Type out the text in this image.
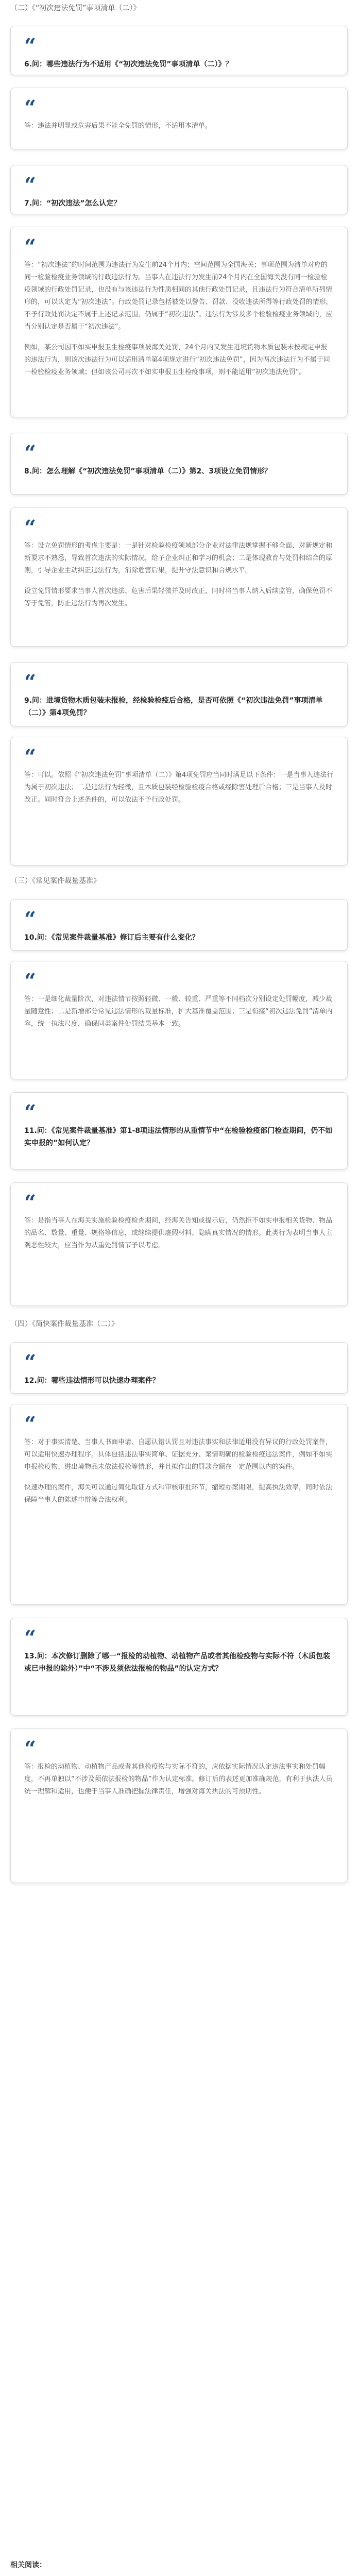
（二）《“初次违法免罚”事项清单（二）》
“

6.问：哪些违法行为不适用《“初次违法免罚”事项清单（二）》？

“

答：违法并明显或危害后果不能全免罚的情形，不适用本清单。

“

7.问：“初次违法”怎么认定？

“

答：“初次违法”的时间范围为违法行为发生前24个月内；空间范围为全国海关；事项范围为清单对应的同一检验检疫业务领域的行政违法行为。当事人在违法行为发生前24个月内在全国海关没有同一检验检疫领域的行政处罚记录，也没有与该违法行为性质相同的其他行政处罚记录，且违法行为符合清单所列情形的，可以认定为“初次违法”。行政处罚记录包括被处以警告、罚款、没收违法所得等行政处罚的情形，不予行政处罚决定不属于上述记录范围，仍属于“初次违法”。违法行为涉及多个检验检疫业务领域的，应当分别认定是否属于“初次违法”。

例如，某公司因不如实申报卫生检疫事项被海关处罚，24个月内又发生进境货物木质包装未按规定申报的违法行为，则该次违法行为可以适用清单第4项规定进行“初次违法免罚”，因为两次违法行为不属于同一检验检疫业务领域；但如该公司再次不如实申报卫生检疫事项，则不能适用“初次违法免罚”。

“

8.问：怎么理解《“初次违法免罚”事项清单（二）》第2、3项设立免罚情形？

“

答：设立免罚情形的考虑主要是：一是针对检验检疫领域部分企业对法律法规掌握不够全面、对新规定和新要求不熟悉，导致首次违法的实际情况，给予企业纠正和学习的机会；二是体现教育与处罚相结合的原则，引导企业主动纠正违法行为，消除危害后果，提升守法意识和合规水平。

设立免罚情形要求当事人首次违法、危害后果轻微并及时改正，同时将当事人纳入后续监管，确保免罚不等于免管，防止违法行为再次发生。

“

9.问：进境货物木质包装未报检，经检验检疫后合格，是否可依照《“初次违法免罚”事项清单（二）》第4项免罚？

“

答：可以。依照《“初次违法免罚”事项清单（二）》第4项免罚应当同时满足以下条件：一是当事人违法行为属于初次违法；二是违法行为轻微，且木质包装经检验检疫合格或经除害处理后合格；三是当事人及时改正。同时符合上述条件的，可以依法不予行政处罚。

（三）《常见案件裁量基准》
“

10.问：《常见案件裁量基准》修订后主要有什么变化？

“

答：一是细化裁量阶次，对违法情节按照轻微、一般、较重、严重等不同档次分别设定处罚幅度，减少裁量随意性；二是新增部分常见违法情形的裁量标准，扩大基准覆盖范围；三是衔接“初次违法免罚”清单内容，统一执法尺度，确保同类案件处罚结果基本一致。

“

11.问：《常见案件裁量基准》第1-8项违法情形的从重情节中“在检验检疫部门检查期间，仍不如实申报的”如何认定？

“

答：是指当事人在海关实施检验检疫检查期间，经海关告知或提示后，仍然拒不如实申报相关货物、物品的品名、数量、重量、规格等信息，或继续提供虚假材料、隐瞒真实情况的情形。此类行为表明当事人主观恶性较大，应当作为从重处罚情节予以考虑。

（四）《简快案件裁量基准（二）》
“

12.问：哪些违法情形可以快速办理案件？

“

答：对于事实清楚、当事人书面申请、自愿认错认罚且对违法事实和法律适用没有异议的行政处罚案件，可以适用快速办理程序。具体包括违法事实简单、证据充分、案情明确的检验检疫违法案件，例如不如实申报检疫物、进出境物品未依法报检等情形，并且拟作出的罚款金额在一定范围以内的案件。

快速办理的案件，海关可以通过简化取证方式和审核审批环节，缩短办案期限，提高执法效率，同时依法保障当事人的陈述申辩等合法权利。

“

13.问：本次修订删除了哪一“报检的动植物、动植物产品或者其他检疫物与实际不符（木质包装或已申报的除外）”中“不涉及须依法报检的物品”的认定方式？

“

答：报检的动植物、动植物产品或者其他检疫物与实际不符的，应依据实际情况认定违法事实和处罚幅度，不再单独以“不涉及须依法报检的物品”作为认定标准。修订后的表述更加准确规范，有利于执法人员统一理解和适用，也便于当事人准确把握法律责任，增强对海关执法的可预期性。

相关阅读：
